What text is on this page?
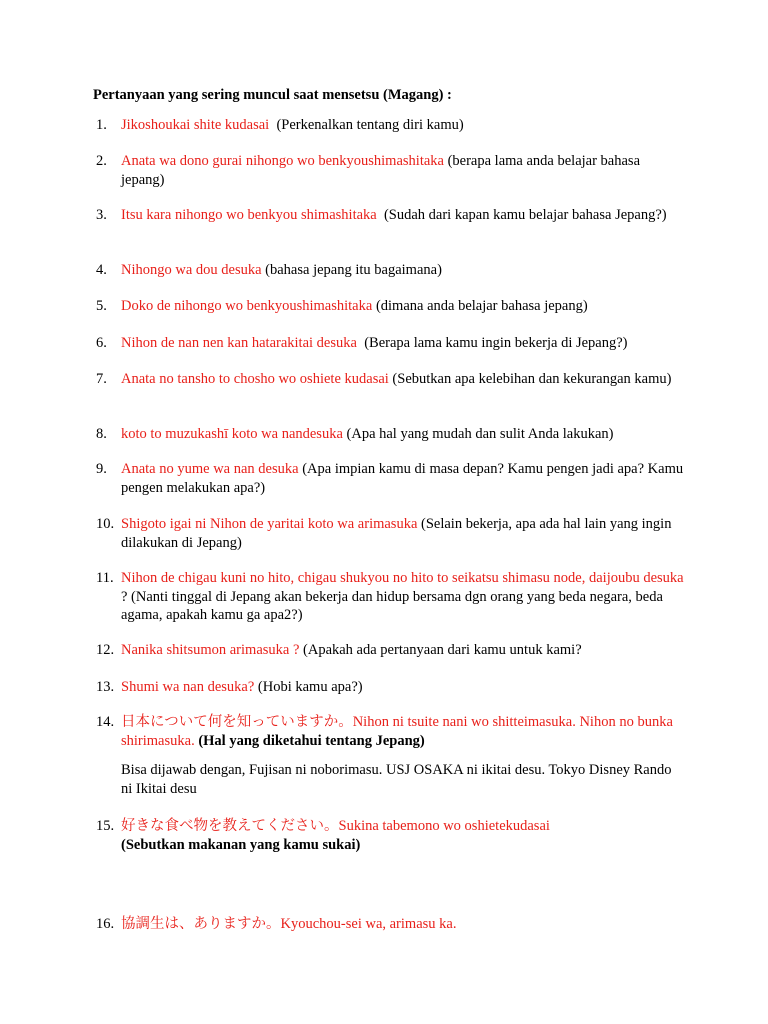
Pertanyaan yang sering muncul saat mensetsu (Magang) :
1. Jikoshoukai shite kudasai (Perkenalkan tentang diri kamu)
2. Anata wa dono gurai nihongo wo benkyoushimashitaka (berapa lama anda belajar bahasa jepang)
3. Itsu kara nihongo wo benkyou shimashitaka (Sudah dari kapan kamu belajar bahasa Jepang?)
4. Nihongo wa dou desuka (bahasa jepang itu bagaimana)
5. Doko de nihongo wo benkyoushimashitaka (dimana anda belajar bahasa jepang)
6. Nihon de nan nen kan hatarakitai desuka (Berapa lama kamu ingin bekerja di Jepang?)
7. Anata no tansho to chosho wo oshiete kudasai (Sebutkan apa kelebihan dan kekurangan kamu)
8. koto to muzukashī koto wa nandesuka (Apa hal yang mudah dan sulit Anda lakukan)
9. Anata no yume wa nan desuka (Apa impian kamu di masa depan? Kamu pengen jadi apa? Kamu pengen melakukan apa?)
10. Shigoto igai ni Nihon de yaritai koto wa arimasuka (Selain bekerja, apa ada hal lain yang ingin dilakukan di Jepang)
11. Nihon de chigau kuni no hito, chigau shukyou no hito to seikatsu shimasu node, daijoubu desuka ? (Nanti tinggal di Jepang akan bekerja dan hidup bersama dgn orang yang beda negara, beda agama, apakah kamu ga apa2?)
12. Nanika shitsumon arimasuka ? (Apakah ada pertanyaan dari kamu untuk kami?
13. Shumi wa nan desuka? (Hobi kamu apa?)
14. 日本について何を知っていますか。Nihon ni tsuite nani wo shitteimasuka. Nihon no bunka shirimasuka. (Hal yang diketahui tentang Jepang)
Bisa dijawab dengan, Fujisan ni noborimasu. USJ OSAKA ni ikitai desu. Tokyo Disney Rando ni Ikitai desu
15. 好きな食べ物を教えてください。Sukina tabemono wo oshietekudasai
(Sebutkan makanan yang kamu sukai)
16. 協調生は、ありますか。Kyouchou-sei wa, arimasu ka.
